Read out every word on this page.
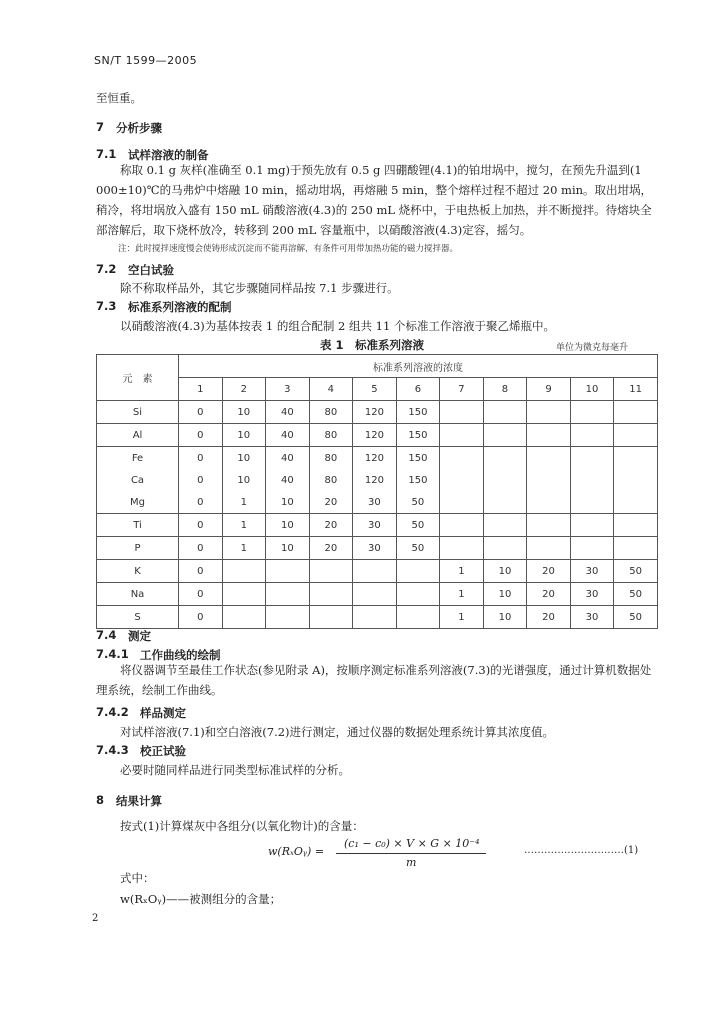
SN/T 1599—2005
至恒重。
7 分析步骤
7.1 试样溶液的制备
称取 0.1 g 灰样(准确至 0.1 mg)于预先放有 0.5 g 四硼酸锂(4.1)的铂坩埚中，搅匀，在预先升温到(1 000±10)℃的马弗炉中熔融 10 min，摇动坩埚，再熔融 5 min，整个熔样过程不超过 20 min。取出坩埚，稍冷，将坩埚放入盛有 150 mL 硝酸溶液(4.3)的 250 mL 烧杯中，于电热板上加热，并不断搅拌。待熔块全部溶解后，取下烧杯放冷，转移到 200 mL 容量瓶中，以硝酸溶液(4.3)定容，摇匀。
注：此时搅拌速度慢会使铸形成沉淀而不能再溶解，有条件可用带加热功能的磁力搅拌器。
7.2 空白试验
除不称取样品外，其它步骤随同样品按 7.1 步骤进行。
7.3 标准系列溶液的配制
以硝酸溶液(4.3)为基体按表 1 的组合配制 2 组共 11 个标准工作溶液于聚乙烯瓶中。
表 1　标准系列溶液	单位为微克每毫升
元　素	标准系列溶液的浓度										
	1	2	3	4	5	6	7	8	9	10	11
Si	0	10	40	80	120	150					
Al	0	10	40	80	120	150					
Fe	0	10	40	80	120	150					
Ca	0	10	40	80	120	150					
Mg	0	1	10	20	30	50					
Ti	0	1	10	20	30	50					
P	0	1	10	20	30	50					
K	0						1	10	20	30	50
Na	0						1	10	20	30	50
S	0						1	10	20	30	50
7.4 测定
7.4.1 工作曲线的绘制
将仪器调节至最佳工作状态(参见附录 A)，按顺序测定标准系列溶液(7.3)的光谱强度，通过计算机数据处理系统，绘制工作曲线。
7.4.2 样品测定
对试样溶液(7.1)和空白溶液(7.2)进行测定，通过仪器的数据处理系统计算其浓度值。
7.4.3 校正试验
必要时随同样品进行同类型标准试样的分析。
8 结果计算
按式(1)计算煤灰中各组分(以氧化物计)的含量：
w(RₓOᵧ) =
(c₁ − c₀) × V × G × 10⁻⁴
m
…………………………(1)
式中：
w(RₓOᵧ)——被测组分的含量；
2
